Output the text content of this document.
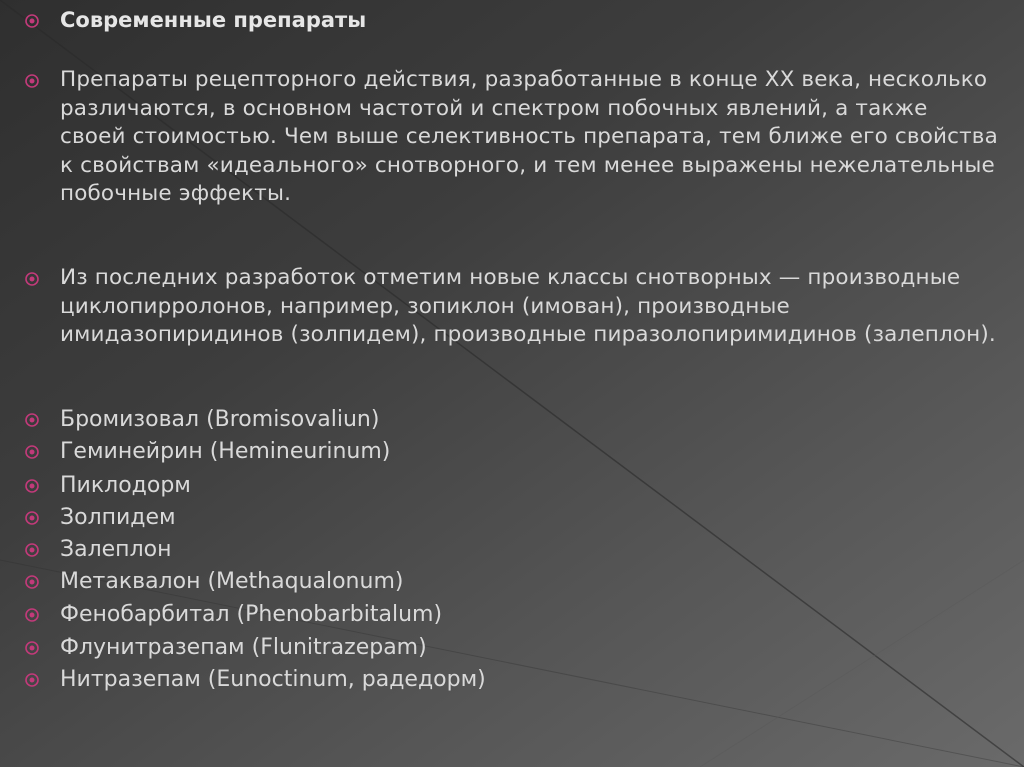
Современные препараты
Препараты рецепторного действия, разработанные в конце ХХ века, несколько различаются, в основном частотой и спектром побочных явлений, а также своей стоимостью. Чем выше селективность препарата, тем ближе его свойства к свойствам «идеального» снотворного, и тем менее выражены нежелательные побочные эффекты.
Из последних разработок отметим новые классы снотворных — производные циклопирролонов, например, зопиклон (имован), производные имидазопиридинов (золпидем), производные пиразолопиримидинов (залеплон).
Бромизовал (Bromisovaliun)
Геминейрин (Hemineurinum)
Пиклодорм
Золпидем
Залеплон
Метаквалон (Methaqualonum)
Фенобарбитал (Phenobarbitalum)
Флунитразепам (Flunitrazepam)
Нитразепам (Eunoctinum, радедорм)
